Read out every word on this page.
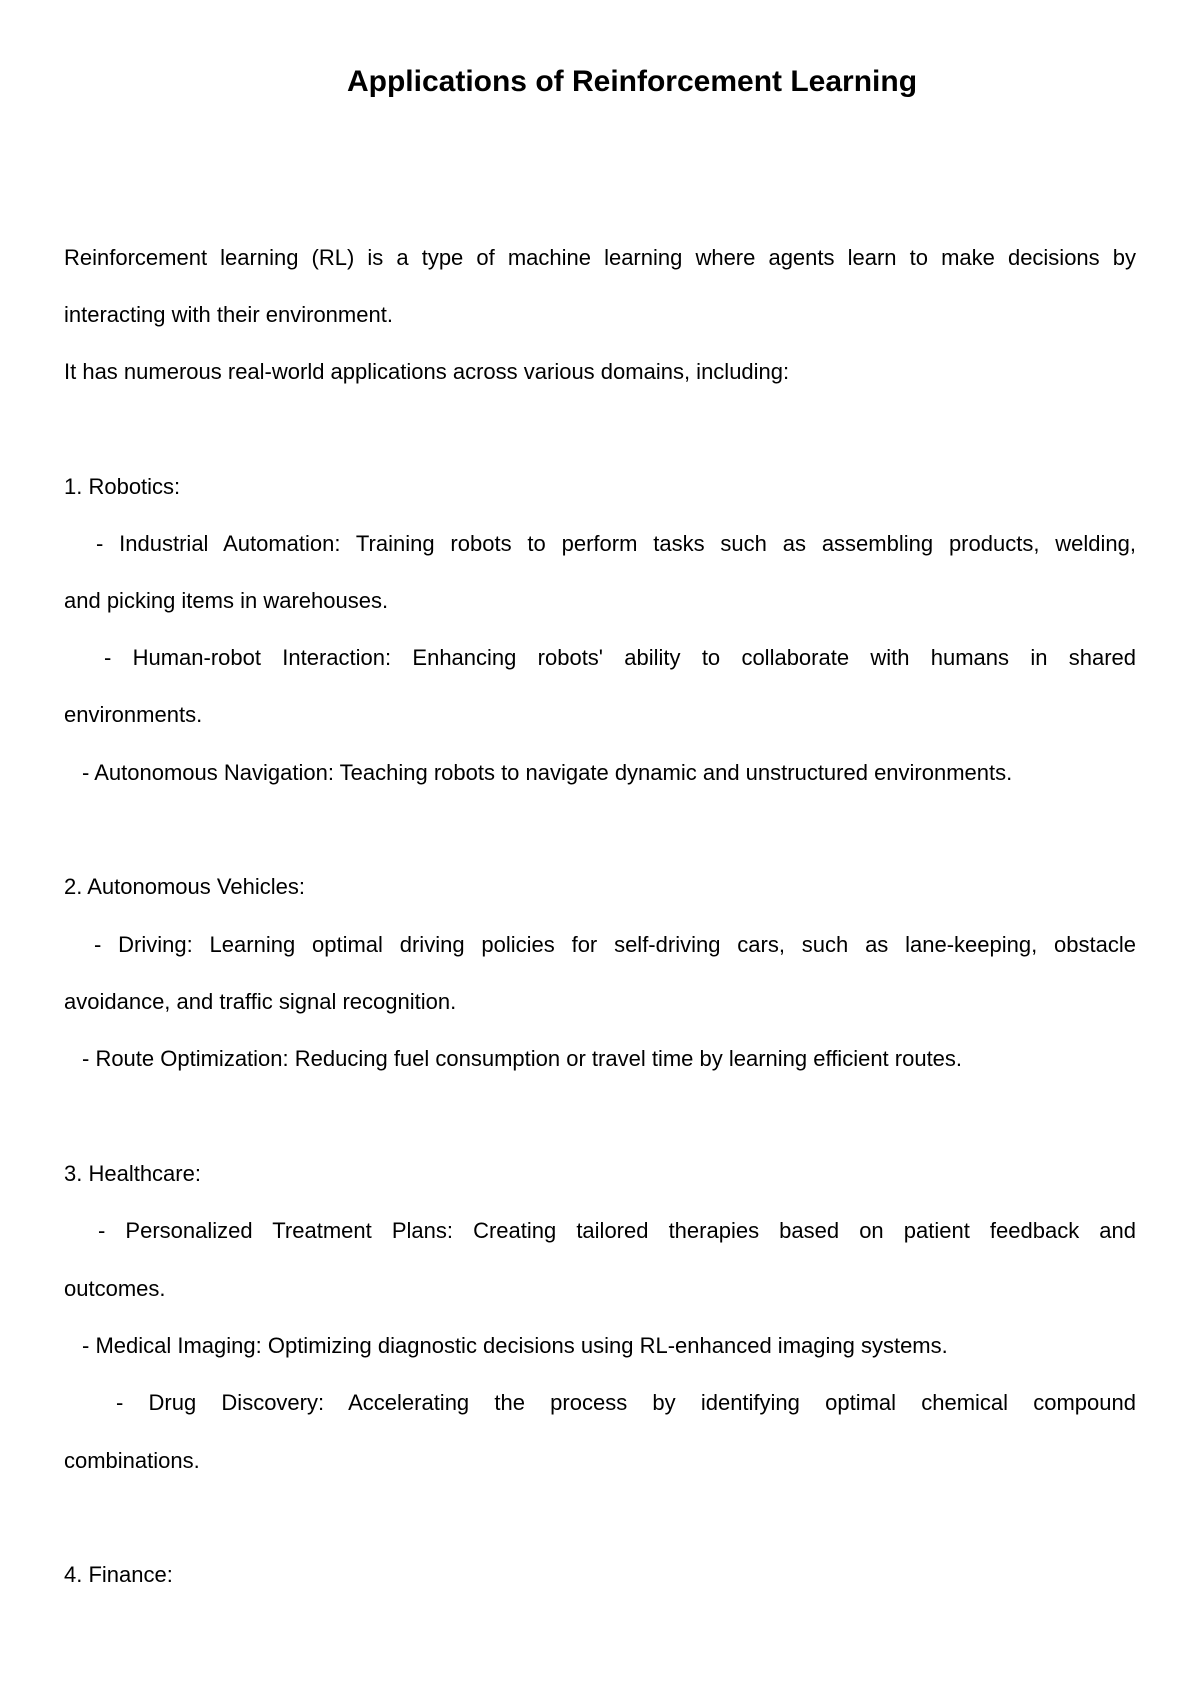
Applications of Reinforcement Learning
Reinforcement learning (RL) is a type of machine learning where agents learn to make decisions by
interacting with their environment.
It has numerous real-world applications across various domains, including:
1. Robotics:
- Industrial Automation: Training robots to perform tasks such as assembling products, welding,
and picking items in warehouses.
- Human-robot Interaction: Enhancing robots' ability to collaborate with humans in shared
environments.
- Autonomous Navigation: Teaching robots to navigate dynamic and unstructured environments.
2. Autonomous Vehicles:
- Driving: Learning optimal driving policies for self-driving cars, such as lane-keeping, obstacle
avoidance, and traffic signal recognition.
- Route Optimization: Reducing fuel consumption or travel time by learning efficient routes.
3. Healthcare:
- Personalized Treatment Plans: Creating tailored therapies based on patient feedback and
outcomes.
- Medical Imaging: Optimizing diagnostic decisions using RL-enhanced imaging systems.
- Drug Discovery: Accelerating the process by identifying optimal chemical compound
combinations.
4. Finance:
